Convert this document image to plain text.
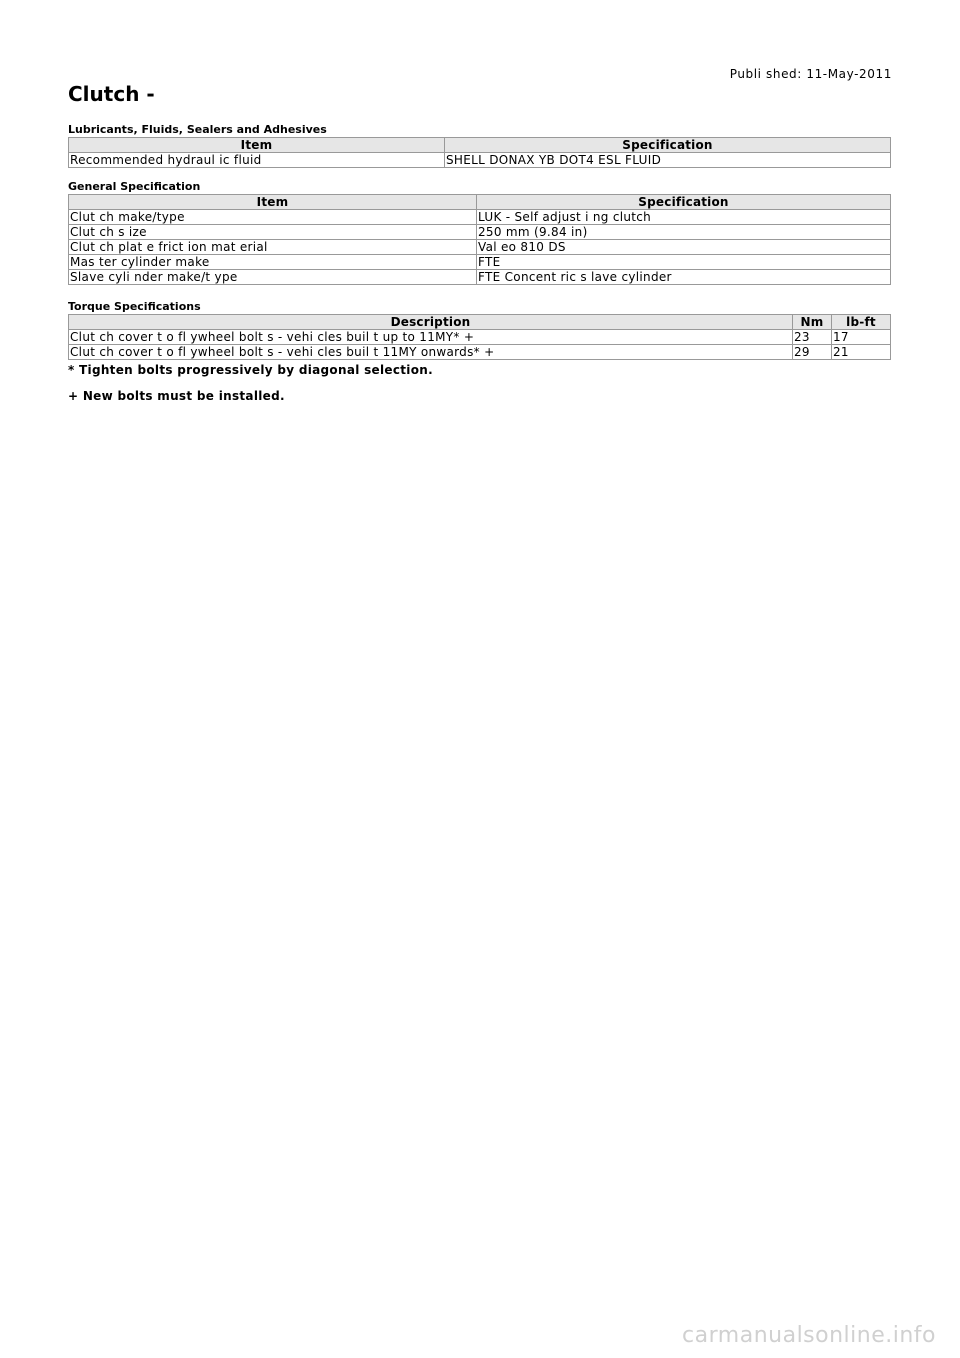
Publi shed: 11-May-2011
Clutch -
Lubricants, Fluids, Sealers and Adhesives
Item	Specification
Recommended hydraul ic fluid	SHELL DONAX YB DOT4 ESL FLUID
General Specification
Item	Specification
Clut ch make/type	LUK - Self adjust i ng clutch
Clut ch s ize	250 mm (9.84 in)
Clut ch plat e frict ion mat erial	Val eo 810 DS
Mas ter cylinder make	FTE
Slave cyli nder make/t ype	FTE Concent ric s lave cylinder
Torque Specifications
Description	Nm	lb-ft
Clut ch cover t o fl ywheel bolt s - vehi cles buil t up to 11MY* +	23	17
Clut ch cover t o fl ywheel bolt s - vehi cles buil t 11MY onwards* +	29	21

* Tighten bolts progressively by diagonal selection.

+ New bolts must be installed.

carmanualsonline.info
